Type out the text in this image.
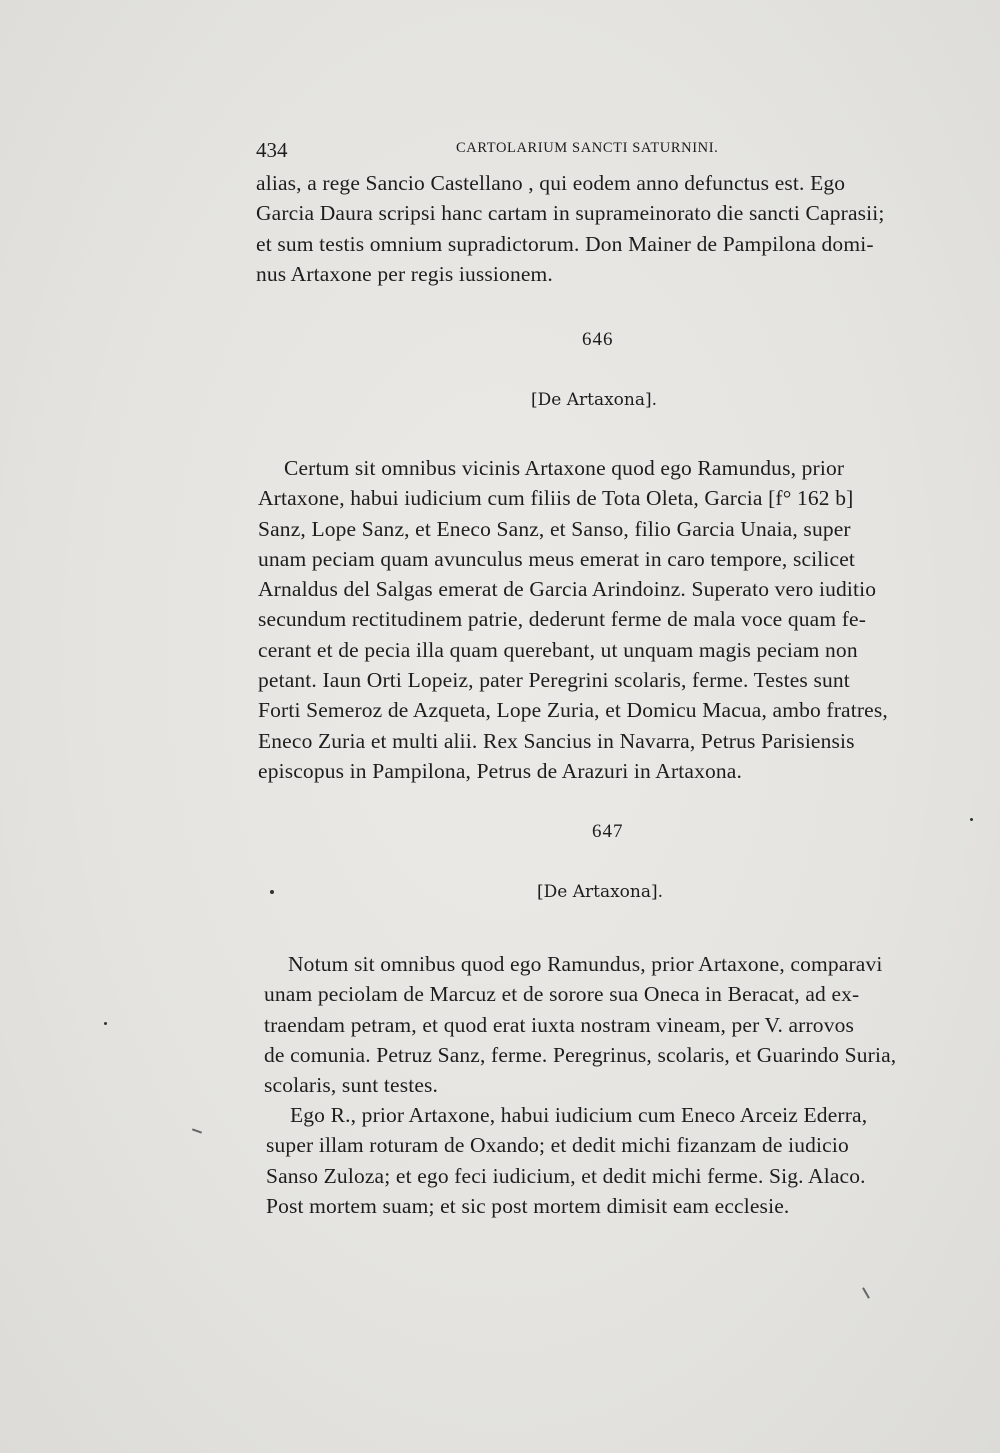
434	CARTOLARIUM SANCTI SATURNINI.
alias, a rege Sancio Castellano , qui eodem anno defunctus est. Ego
Garcia Daura scripsi hanc cartam in suprameinorato die sancti Caprasii;
et sum testis omnium supradictorum. Don Mainer de Pampilona domi-
nus Artaxone per regis iussionem.
646
[De Artaxona].
Certum sit omnibus vicinis Artaxone quod ego Ramundus, prior
Artaxone, habui iudicium cum filiis de Tota Oleta, Garcia [f° 162 b]
Sanz, Lope Sanz, et Eneco Sanz, et Sanso, filio Garcia Unaia, super
unam peciam quam avunculus meus emerat in caro tempore, scilicet
Arnaldus del Salgas emerat de Garcia Arindoinz. Superato vero iuditio
secundum rectitudinem patrie, dederunt ferme de mala voce quam fe-
cerant et de pecia illa quam querebant, ut unquam magis peciam non
petant. Iaun Orti Lopeiz, pater Peregrini scolaris, ferme. Testes sunt
Forti Semeroz de Azqueta, Lope Zuria, et Domicu Macua, ambo fratres,
Eneco Zuria et multi alii. Rex Sancius in Navarra, Petrus Parisiensis
episcopus in Pampilona, Petrus de Arazuri in Artaxona.
647
[De Artaxona].
Notum sit omnibus quod ego Ramundus, prior Artaxone, comparavi
unam peciolam de Marcuz et de sorore sua Oneca in Beracat, ad ex-
traendam petram, et quod erat iuxta nostram vineam, per V. arrovos
de comunia. Petruz Sanz, ferme. Peregrinus, scolaris, et Guarindo Suria,
scolaris, sunt testes.
Ego R., prior Artaxone, habui iudicium cum Eneco Arceiz Ederra,
super illam roturam de Oxando; et dedit michi fizanzam de iudicio
Sanso Zuloza; et ego feci iudicium, et dedit michi ferme. Sig. Alaco.
Post mortem suam; et sic post mortem dimisit eam ecclesie.
